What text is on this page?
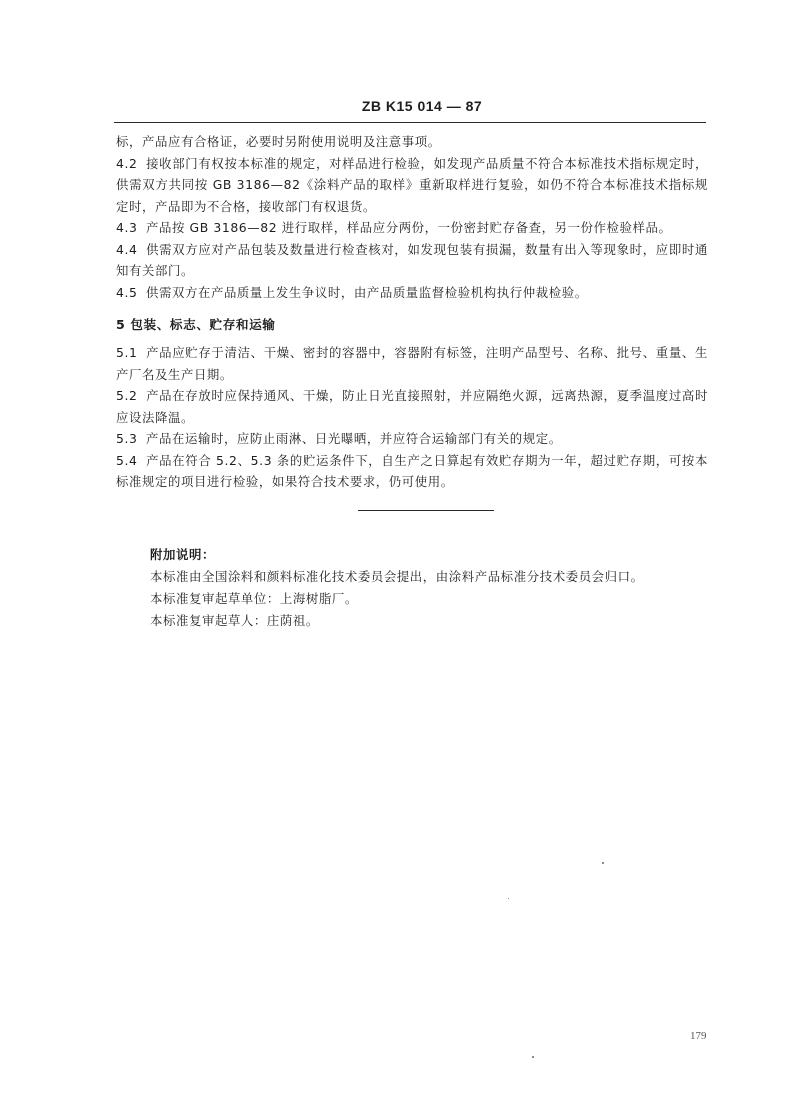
ZB K15 014 — 87

标，产品应有合格证，必要时另附使用说明及注意事项。

4.2 接收部门有权按本标准的规定，对样品进行检验，如发现产品质量不符合本标准技术指标规定时，供需双方共同按 GB 3186—82《涂料产品的取样》重新取样进行复验，如仍不符合本标准技术指标规定时，产品即为不合格，接收部门有权退货。

4.3 产品按 GB 3186—82 进行取样，样品应分两份，一份密封贮存备查，另一份作检验样品。

4.4 供需双方应对产品包装及数量进行检查核对，如发现包装有损漏，数量有出入等现象时，应即时通知有关部门。

4.5 供需双方在产品质量上发生争议时，由产品质量监督检验机构执行仲裁检验。

5 包装、标志、贮存和运输

5.1 产品应贮存于清洁、干燥、密封的容器中，容器附有标签，注明产品型号、名称、批号、重量、生产厂名及生产日期。

5.2 产品在存放时应保持通风、干燥，防止日光直接照射，并应隔绝火源，远离热源，夏季温度过高时应设法降温。

5.3 产品在运输时，应防止雨淋、日光曝晒，并应符合运输部门有关的规定。

5.4 产品在符合 5.2、5.3 条的贮运条件下，自生产之日算起有效贮存期为一年，超过贮存期，可按本标准规定的项目进行检验，如果符合技术要求，仍可使用。

附加说明：
本标准由全国涂料和颜料标准化技术委员会提出，由涂料产品标准分技术委员会归口。
本标准复审起草单位：上海树脂厂。
本标准复审起草人：庄荫祖。
179
